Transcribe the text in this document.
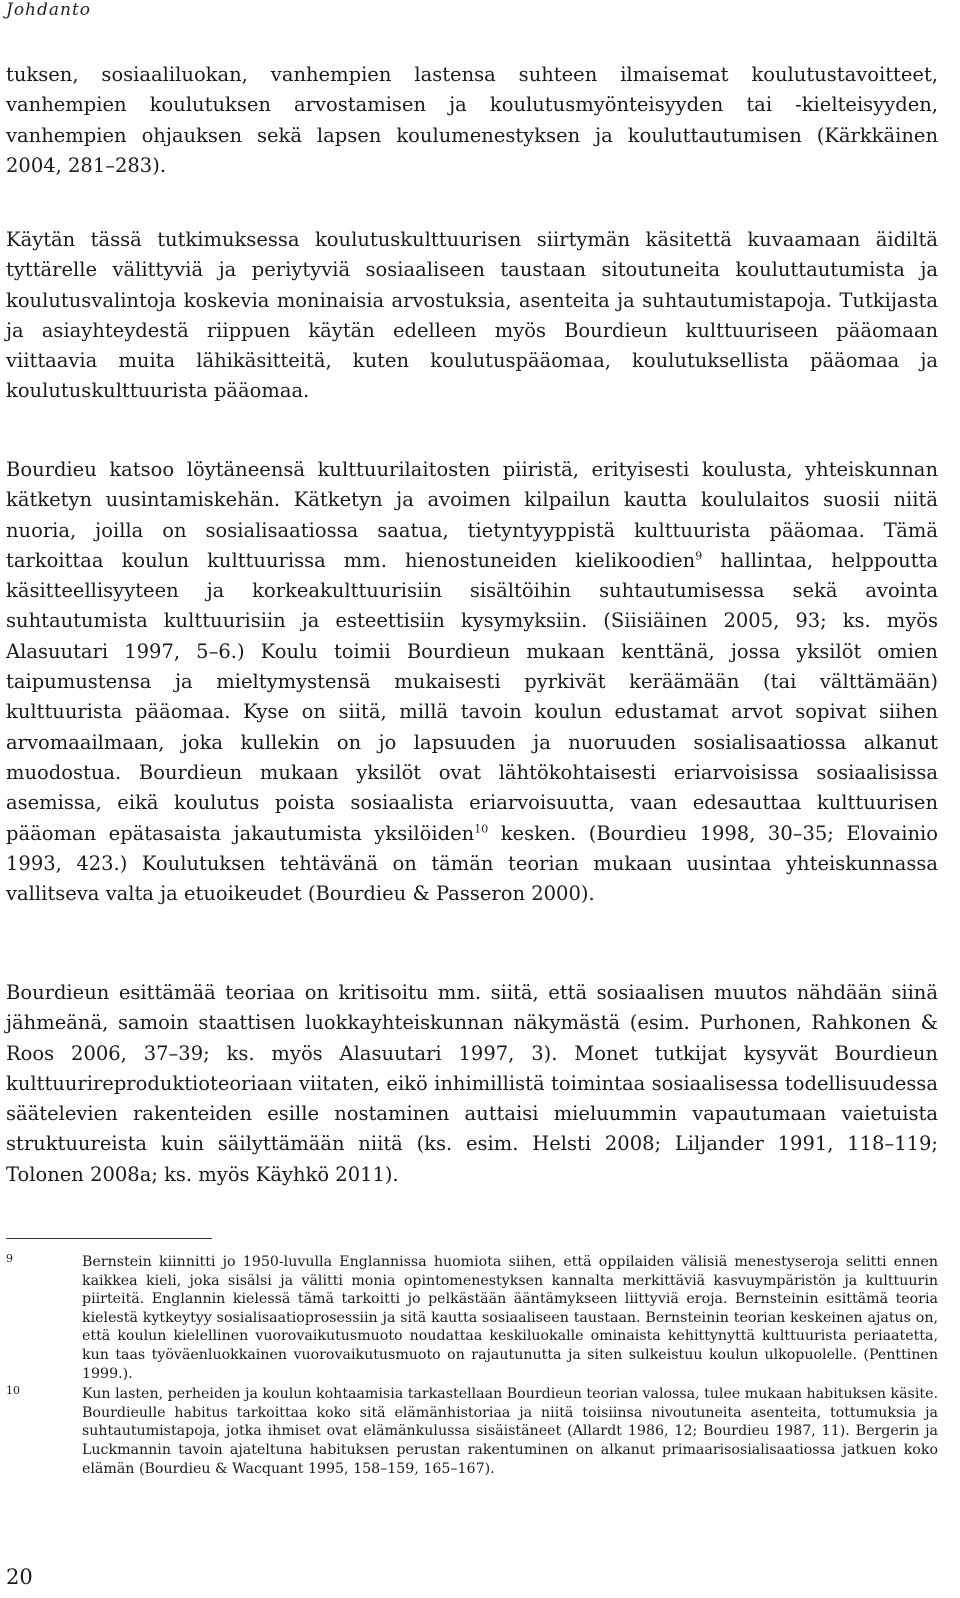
Johdanto

tuksen, sosiaaliluokan, vanhempien lastensa suhteen ilmaisemat koulutustavoitteet, vanhempien koulutuksen arvostamisen ja koulutusmyönteisyyden tai -kielteisyyden, vanhempien ohjauksen sekä lapsen koulumenestyksen ja kouluttautumisen (Kärkkäinen 2004, 281–283).

Käytän tässä tutkimuksessa koulutuskulttuurisen siirtymän käsitettä kuvaamaan äidiltä tyttärelle välittyviä ja periytyviä sosiaaliseen taustaan sitoutuneita kouluttautumista ja koulutusvalintoja koskevia moninaisia arvostuksia, asenteita ja suhtautumistapoja. Tutkijasta ja asiayhteydestä riippuen käytän edelleen myös Bourdieun kulttuuriseen pääomaan viittaavia muita lähikäsitteitä, kuten koulutuspääomaa, koulutuksellista pääomaa ja koulutuskulttuurista pääomaa.

Bourdieu katsoo löytäneensä kulttuurilaitosten piiristä, erityisesti koulusta, yhteiskunnan kätketyn uusintamiskehän. Kätketyn ja avoimen kilpailun kautta koululaitos suosii niitä nuoria, joilla on sosialisaatiossa saatua, tietyntyyppistä kulttuurista pääomaa. Tämä tarkoittaa koulun kulttuurissa mm. hienostuneiden kielikoodien$^9$ hallintaa, helppoutta käsitteellisyyteen ja korkeakulttuurisiin sisältöihin suhtautumisessa sekä avointa suhtautumista kulttuurisiin ja esteettisiin kysymyksiin. (Siisiäinen 2005, 93; ks. myös Alasuutari 1997, 5–6.) Koulu toimii Bourdieun mukaan kenttänä, jossa yksilöt omien taipumustensa ja mieltymystensä mukaisesti pyrkivät keräämään (tai välttämään) kulttuurista pääomaa. Kyse on siitä, millä tavoin koulun edustamat arvot sopivat siihen arvomaailmaan, joka kullekin on jo lapsuuden ja nuoruuden sosialisaatiossa alkanut muodostua. Bourdieun mukaan yksilöt ovat lähtökohtaisesti eriarvoisissa sosiaalisissa asemissa, eikä koulutus poista sosiaalista eriarvoisuutta, vaan edesauttaa kulttuurisen pääoman epätasaista jakautumista yksilöiden$^{10}$ kesken. (Bourdieu 1998, 30–35; Elovainio 1993, 423.) Koulutuksen tehtävänä on tämän teorian mukaan uusintaa yhteiskunnassa vallitseva valta ja etuoikeudet (Bourdieu & Passeron 2000).

Bourdieun esittämää teoriaa on kritisoitu mm. siitä, että sosiaalisen muutos nähdään siinä jähmeänä, samoin staattisen luokkayhteiskunnan näkymästä (esim. Purhonen, Rahkonen & Roos 2006, 37–39; ks. myös Alasuutari 1997, 3). Monet tutkijat kysyvät Bourdieun kulttuurireproduktioteoriaan viitaten, eikö inhimillistä toimintaa sosiaalisessa todellisuudessa säätelevien rakenteiden esille nostaminen auttaisi mieluummin vapautumaan vaietuista struktuureista kuin säilyttämään niitä (ks. esim. Helsti 2008; Liljander 1991, 118–119; Tolonen 2008a; ks. myös Käyhkö 2011).

9	Bernstein kiinnitti jo 1950-luvulla Englannissa huomiota siihen, että oppilaiden välisiä menestyseroja selitti ennen kaikkea kieli, joka sisälsi ja välitti monia opintomenestyksen kannalta merkittäviä kasvuympäristön ja kulttuurin piirteitä. Englannin kielessä tämä tarkoitti jo pelkästään ääntämykseen liittyviä eroja. Bernsteinin esittämä teoria kielestä kytkeytyy sosialisaatioprosessiin ja sitä kautta sosiaaliseen taustaan. Bernsteinin teorian keskeinen ajatus on, että koulun kielellinen vuorovaikutusmuoto noudattaa keskiluokalle ominaista kehittynyttä kulttuurista periaatetta, kun taas työväenluokkainen vuorovaikutusmuoto on rajautunutta ja siten sulkeistuu koulun ulkopuolelle. (Penttinen 1999.).
10	Kun lasten, perheiden ja koulun kohtaamisia tarkastellaan Bourdieun teorian valossa, tulee mukaan habituksen käsite. Bourdieulle habitus tarkoittaa koko sitä elämänhistoriaa ja niitä toisiinsa nivoutuneita asenteita, tottumuksia ja suhtautumistapoja, jotka ihmiset ovat elämänkulussa sisäistäneet (Allardt 1986, 12; Bourdieu 1987, 11). Bergerin ja Luckmannin tavoin ajateltuna habituksen perustan rakentuminen on alkanut primaarisosialisaatiossa jatkuen koko elämän (Bourdieu & Wacquant 1995, 158–159, 165–167).
20
